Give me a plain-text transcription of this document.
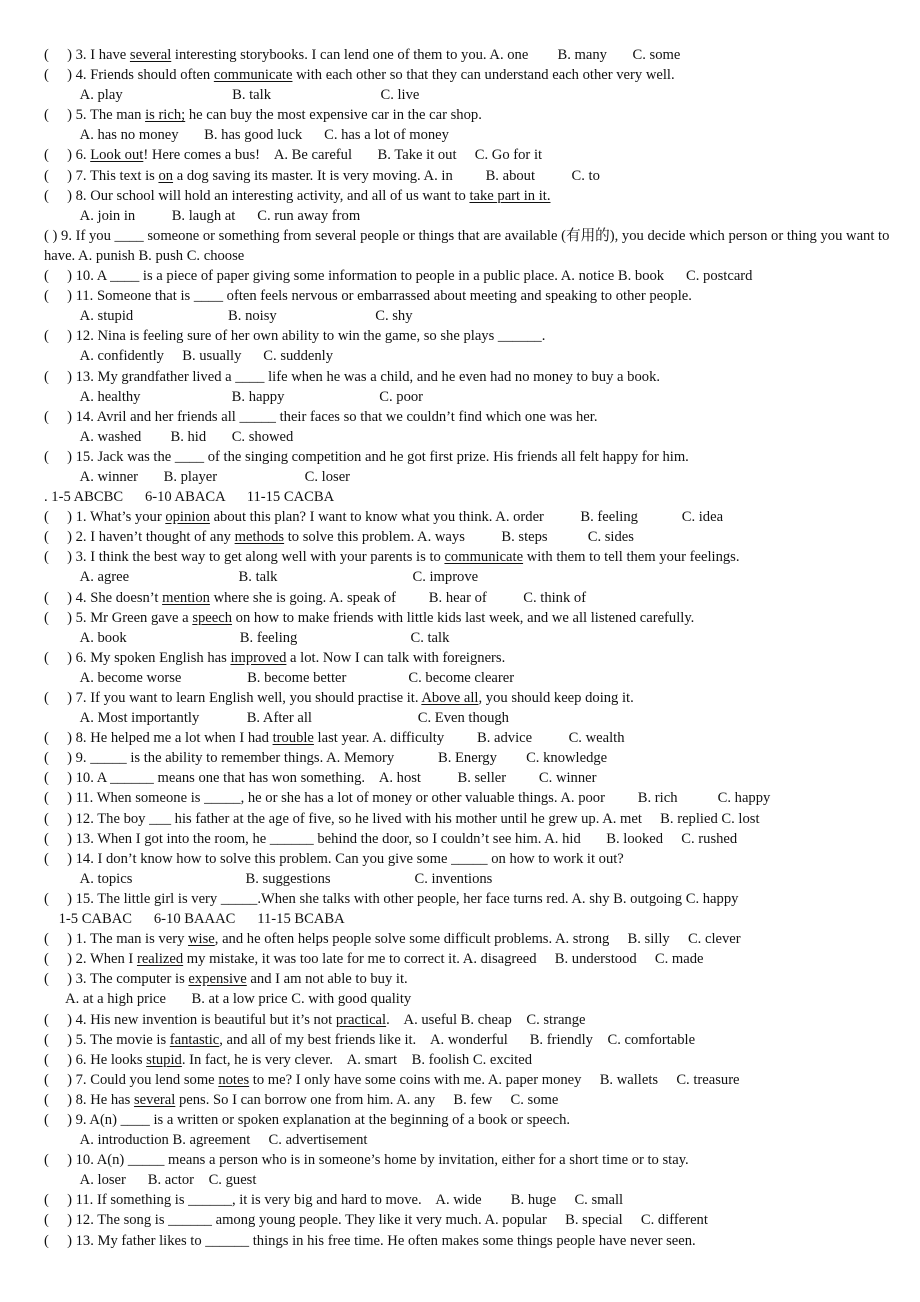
(     ) 3. I have several interesting storybooks. I can lend one of them to you. A. one        B. many       C. some
(     ) 4. Friends should often communicate with each other so that they can understand each other very well.
A. play                              B. talk                              C. live
(     ) 5. The man is rich; he can buy the most expensive car in the car shop.
A. has no money       B. has good luck      C. has a lot of money
(     ) 6. Look out! Here comes a bus!    A. Be careful       B. Take it out     C. Go for it
(     ) 7. This text is on a dog saving its master. It is very moving. A. in         B. about          C. to
(     ) 8. Our school will hold an interesting activity, and all of us want to take part in it.
A. join in          B. laugh at      C. run away from
( ) 9. If you ____ someone or something from several people or things that are available (有用的), you decide which person or thing you want to have. A. punish B. push C. choose
(     ) 10. A ____ is a piece of paper giving some information to people in a public place. A. notice B. book      C. postcard
(     ) 11. Someone that is ____ often feels nervous or embarrassed about meeting and speaking to other people.
A. stupid                          B. noisy                           C. shy
(     ) 12. Nina is feeling sure of her own ability to win the game, so she plays ______.
A. confidently     B. usually      C. suddenly
(     ) 13. My grandfather lived a ____ life when he was a child, and he even had no money to buy a book.
A. healthy                         B. happy                          C. poor
(     ) 14. Avril and her friends all _____ their faces so that we couldn’t find which one was her.
A. washed        B. hid       C. showed
(     ) 15. Jack was the ____ of the singing competition and he got first prize. His friends all felt happy for him.
A. winner       B. player                        C. loser
. 1-5 ABCBC      6-10 ABACA      11-15 CACBA
(     ) 1. What’s your opinion about this plan? I want to know what you think. A. order          B. feeling            C. idea
(     ) 2. I haven’t thought of any methods to solve this problem. A. ways          B. steps           C. sides
(     ) 3. I think the best way to get along well with your parents is to communicate with them to tell them your feelings.
A. agree                              B. talk                                     C. improve
(     ) 4. She doesn’t mention where she is going. A. speak of         B. hear of          C. think of
(     ) 5. Mr Green gave a speech on how to make friends with little kids last week, and we all listened carefully.
A. book                               B. feeling                               C. talk
(     ) 6. My spoken English has improved a lot. Now I can talk with foreigners.
A. become worse                  B. become better                 C. become clearer
(     ) 7. If you want to learn English well, you should practise it. Above all, you should keep doing it.
A. Most importantly             B. After all                             C. Even though
(     ) 8. He helped me a lot when I had trouble last year. A. difficulty         B. advice          C. wealth
(     ) 9. _____ is the ability to remember things. A. Memory            B. Energy        C. knowledge
(     ) 10. A ______ means one that has won something.    A. host          B. seller         C. winner
(     ) 11. When someone is _____, he or she has a lot of money or other valuable things. A. poor         B. rich           C. happy
(     ) 12. The boy ___ his father at the age of five, so he lived with his mother until he grew up. A. met     B. replied C. lost
(     ) 13. When I got into the room, he ______ behind the door, so I couldn’t see him. A. hid       B. looked     C. rushed
(     ) 14. I don’t know how to solve this problem. Can you give some _____ on how to work it out?
A. topics                               B. suggestions                       C. inventions
(     ) 15. The little girl is very _____.When she talks with other people, her face turns red. A. shy B. outgoing C. happy
1-5 CABAC      6-10 BAAAC      11-15 BCABA
(     ) 1. The man is very wise, and he often helps people solve some difficult problems. A. strong     B. silly     C. clever
(     ) 2. When I realized my mistake, it was too late for me to correct it. A. disagreed     B. understood     C. made
(     ) 3. The computer is expensive and I am not able to buy it.
A. at a high price       B. at a low price C. with good quality
(     ) 4. His new invention is beautiful but it’s not practical.    A. useful B. cheap    C. strange
(     ) 5. The movie is fantastic, and all of my best friends like it.    A. wonderful      B. friendly    C. comfortable
(     ) 6. He looks stupid. In fact, he is very clever.    A. smart    B. foolish C. excited
(     ) 7. Could you lend some notes to me? I only have some coins with me. A. paper money     B. wallets     C. treasure
(     ) 8. He has several pens. So I can borrow one from him. A. any     B. few     C. some
(     ) 9. A(n) ____ is a written or spoken explanation at the beginning of a book or speech.
A. introduction B. agreement     C. advertisement
(     ) 10. A(n) _____ means a person who is in someone’s home by invitation, either for a short time or to stay.
A. loser      B. actor    C. guest
(     ) 11. If something is ______, it is very big and hard to move.    A. wide        B. huge     C. small
(     ) 12. The song is ______ among young people. They like it very much. A. popular     B. special     C. different
(     ) 13. My father likes to ______ things in his free time. He often makes some things people have never seen.
